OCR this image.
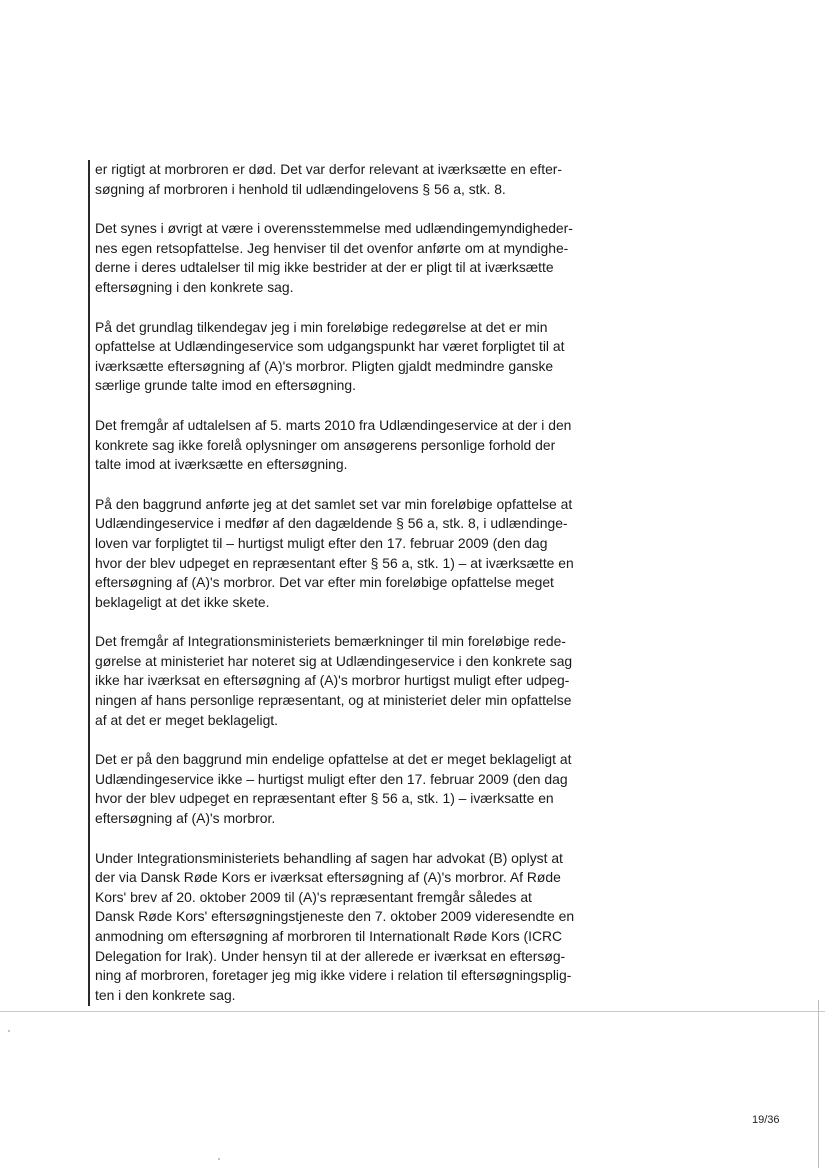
er rigtigt at morbroren er død. Det var derfor relevant at iværksætte en efter-
søgning af morbroren i henhold til udlændingelovens § 56 a, stk. 8.

Det synes i øvrigt at være i overensstemmelse med udlændingemyndigheder-
nes egen retsopfattelse. Jeg henviser til det ovenfor anførte om at myndighe-
derne i deres udtalelser til mig ikke bestrider at der er pligt til at iværksætte
eftersøgning i den konkrete sag.

På det grundlag tilkendegav jeg i min foreløbige redegørelse at det er min
opfattelse at Udlændingeservice som udgangspunkt har været forpligtet til at
iværksætte eftersøgning af (A)'s morbror. Pligten gjaldt medmindre ganske
særlige grunde talte imod en eftersøgning.

Det fremgår af udtalelsen af 5. marts 2010 fra Udlændingeservice at der i den
konkrete sag ikke forelå oplysninger om ansøgerens personlige forhold der
talte imod at iværksætte en eftersøgning.

På den baggrund anførte jeg at det samlet set var min foreløbige opfattelse at
Udlændingeservice i medfør af den dagældende § 56 a, stk. 8, i udlændinge-
loven var forpligtet til – hurtigst muligt efter den 17. februar 2009 (den dag
hvor der blev udpeget en repræsentant efter § 56 a, stk. 1) – at iværksætte en
eftersøgning af (A)'s morbror. Det var efter min foreløbige opfattelse meget
beklageligt at det ikke skete.

Det fremgår af Integrationsministeriets bemærkninger til min foreløbige rede-
gørelse at ministeriet har noteret sig at Udlændingeservice i den konkrete sag
ikke har iværksat en eftersøgning af (A)'s morbror hurtigst muligt efter udpeg-
ningen af hans personlige repræsentant, og at ministeriet deler min opfattelse
af at det er meget beklageligt.

Det er på den baggrund min endelige opfattelse at det er meget beklageligt at
Udlændingeservice ikke – hurtigst muligt efter den 17. februar 2009 (den dag
hvor der blev udpeget en repræsentant efter § 56 a, stk. 1) – iværksatte en
eftersøgning af (A)'s morbror.

Under Integrationsministeriets behandling af sagen har advokat (B) oplyst at
der via Dansk Røde Kors er iværksat eftersøgning af (A)'s morbror. Af Røde
Kors' brev af 20. oktober 2009 til (A)'s repræsentant fremgår således at
Dansk Røde Kors' eftersøgningstjeneste den 7. oktober 2009 videresendte en
anmodning om eftersøgning af morbroren til Internationalt Røde Kors (ICRC
Delegation for Irak). Under hensyn til at der allerede er iværksat en eftersøg-
ning af morbroren, foretager jeg mig ikke videre i relation til eftersøgningsplig-
ten i den konkrete sag.

19/36
